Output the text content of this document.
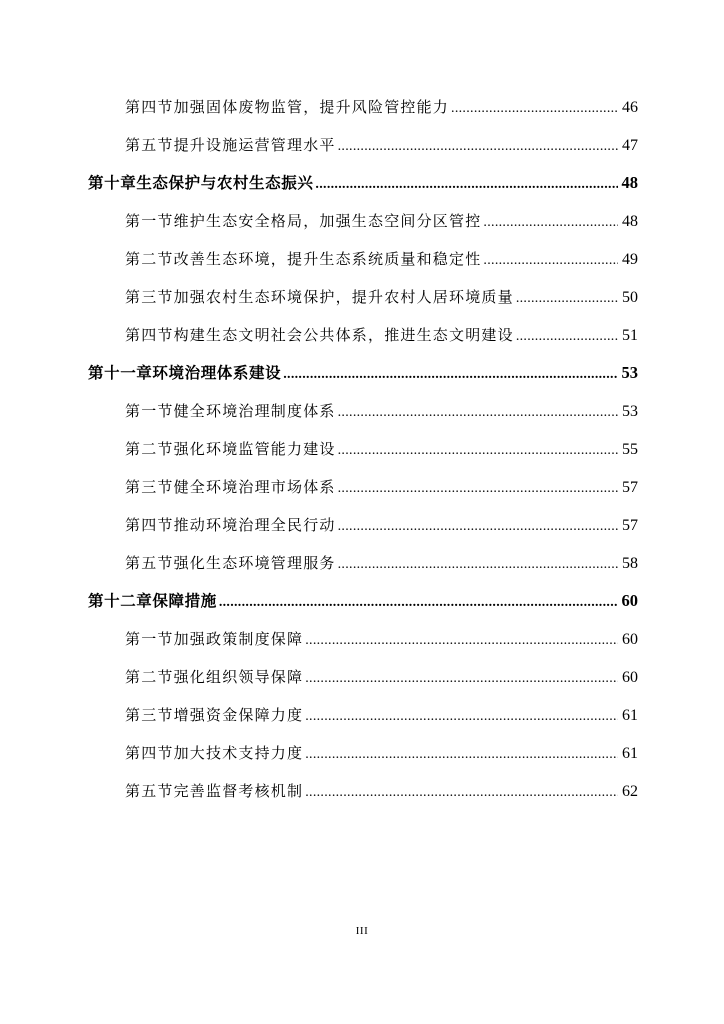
第四节 加强固体废物监管，提升风险管控能力 .....	46
第五节 提升设施运营管理水平 .....	47
第十章 生态保护与农村生态振兴 .....	48
第一节 维护生态安全格局，加强生态空间分区管控 .....	48
第二节 改善生态环境，提升生态系统质量和稳定性 .....	49
第三节 加强农村生态环境保护，提升农村人居环境质量 .....	50
第四节 构建生态文明社会公共体系，推进生态文明建设 .....	51
第十一章 环境治理体系建设 .....	53
第一节 健全环境治理制度体系 .....	53
第二节 强化环境监管能力建设 .....	55
第三节 健全环境治理市场体系 .....	57
第四节 推动环境治理全民行动 .....	57
第五节 强化生态环境管理服务 .....	58
第十二章 保障措施 .....	60
第一节 加强政策制度保障 .....	60
第二节 强化组织领导保障 .....	60
第三节 增强资金保障力度 .....	61
第四节 加大技术支持力度 .....	61
第五节 完善监督考核机制 .....	62
III
